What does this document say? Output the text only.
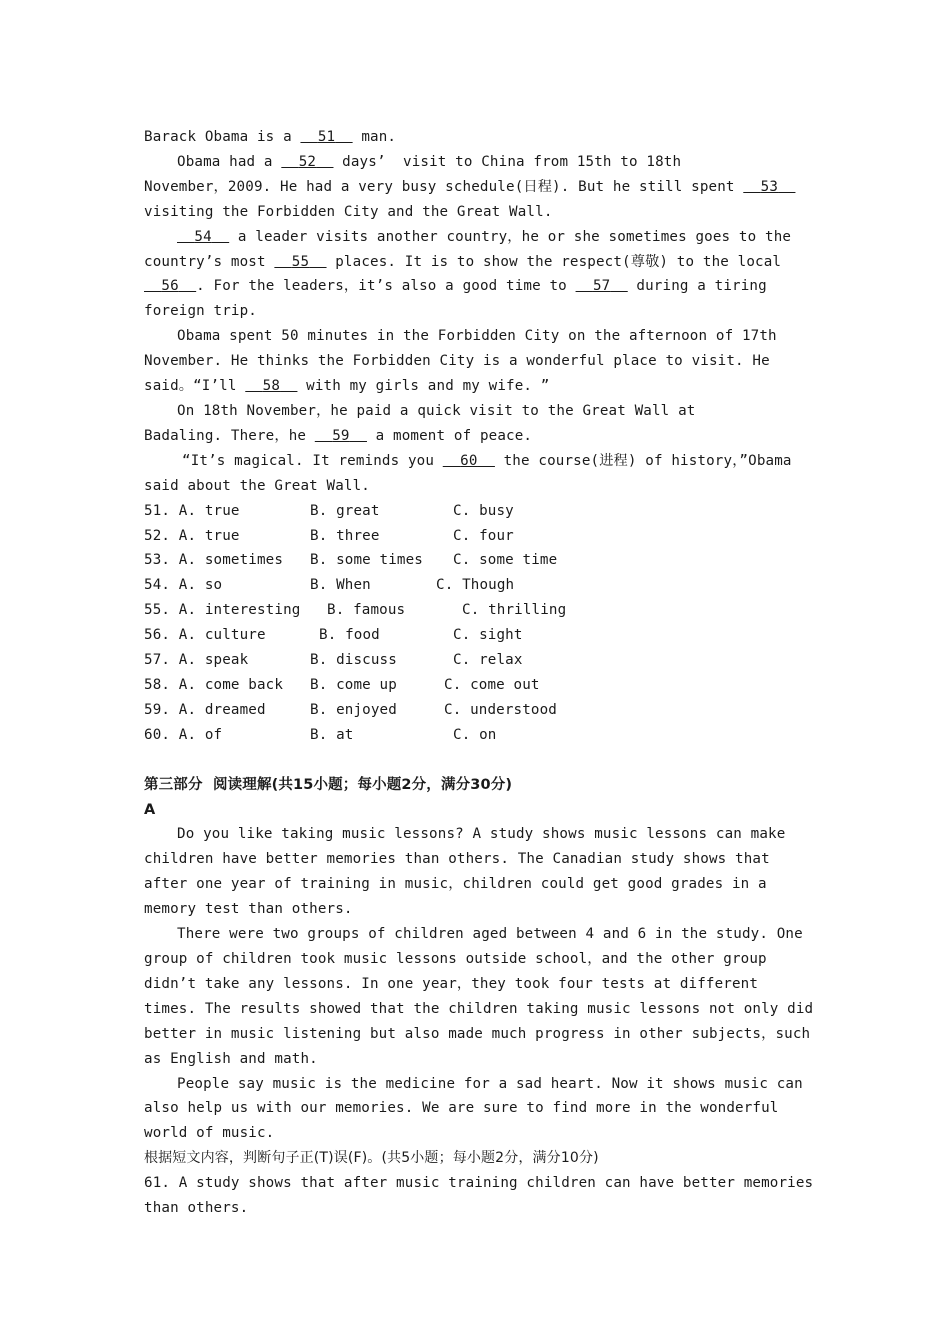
Barack Obama is a   51   man.

Obama had a   52   days’  visit to China from 15th to 18th

November，2009. He had a very busy schedule(日程). But he still spent   53

visiting the Forbidden City and the Great Wall.

54   a leader visits another country，he or she sometimes goes to the country’s most   55   places. It is to show the respect(尊敬) to the local   56 . For the leaders，it’s also a good time to   57   during a tiring foreign trip.

Obama spent 50 minutes in the Forbidden City on the afternoon of 17th

November. He thinks the Forbidden City is a wonderful place to visit. He

said。“I’ll   58   with my girls and my wife. ”

On 18th November，he paid a quick visit to the Great Wall at

Badaling. There，he   59   a moment of peace.

“It’s magical. It reminds you   60   the course(进程) of history，”Obama

said about the Great Wall.

51. A. true	B. great	C. busy
52. A. true	B. three	C. four
53. A. sometimes	B. some times	C. some time
54. A. so	B. When	C. Though
55. A. interesting	B. famous	C. thrilling
56. A. culture	B. food	C. sight
57. A. speak	B. discuss	C. relax
58. A. come back	B. come up	C. come out
59. A. dreamed	B. enjoyed	C. understood
60. A. of	B. at	C. on

第三部分  阅读理解(共15小题；每小题2分，满分30分)

A

Do you like taking music lessons? A study shows music lessons can make children have better memories than others. The Canadian study shows that after one year of training in music，children could get good grades in a memory test than others.

There were two groups of children aged between 4 and 6 in the study. One group of children took music lessons outside school，and the other group didn’t take any lessons. In one year，they took four tests at different times. The results showed that the children taking music lessons not only did better in music listening but also made much progress in other subjects，such as English and math.

People say music is the medicine for a sad heart. Now it shows music can also help us with our memories. We are sure to find more in the wonderful world of music.

根据短文内容，判断句子正(T)误(F)。(共5小题；每小题2分，满分10分)

61. A study shows that after music training children can have better memories than others.
